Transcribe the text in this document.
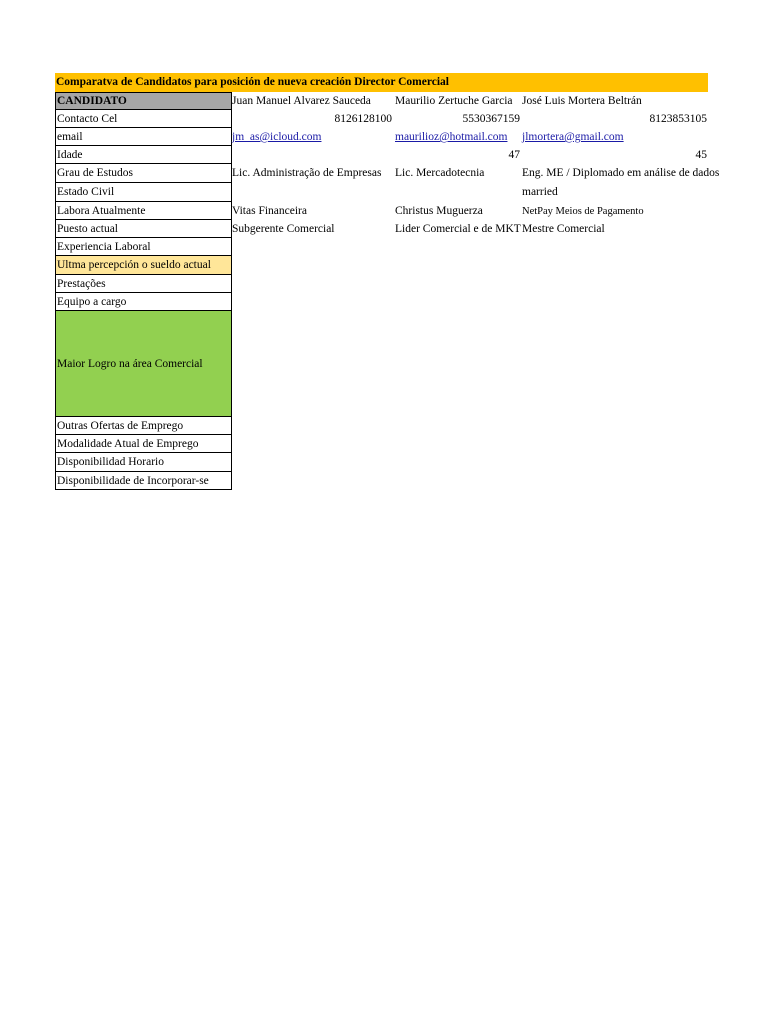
Comparatva de Candidatos para posición de nueva creación Director Comercial
CANDIDATO
Contacto Cel
email
Idade
Grau de Estudos
Estado Civil
Labora Atualmente
Puesto actual
Experiencia Laboral
Ultma percepción o sueldo actual
Prestações
Equipo a cargo
Maior Logro na área Comercial
Outras Ofertas de Emprego
Modalidade Atual de Emprego
Disponibilidad Horario
Disponibilidade de Incorporar-se
Juan Manuel Alvarez Sauceda
8126128100
jm_as@icloud.com
Lic. Administração de Empresas
Vitas Financeira
Subgerente Comercial
Maurilio Zertuche Garcia
5530367159
maurilioz@hotmail.com
47
Lic. Mercadotecnia
Christus Muguerza
Lider Comercial e de MKT
José Luis Mortera Beltrán
8123853105
jlmortera@gmail.com
45
Eng. ME / Diplomado em análise de dados
married
NetPay Meios de Pagamento
Mestre Comercial
